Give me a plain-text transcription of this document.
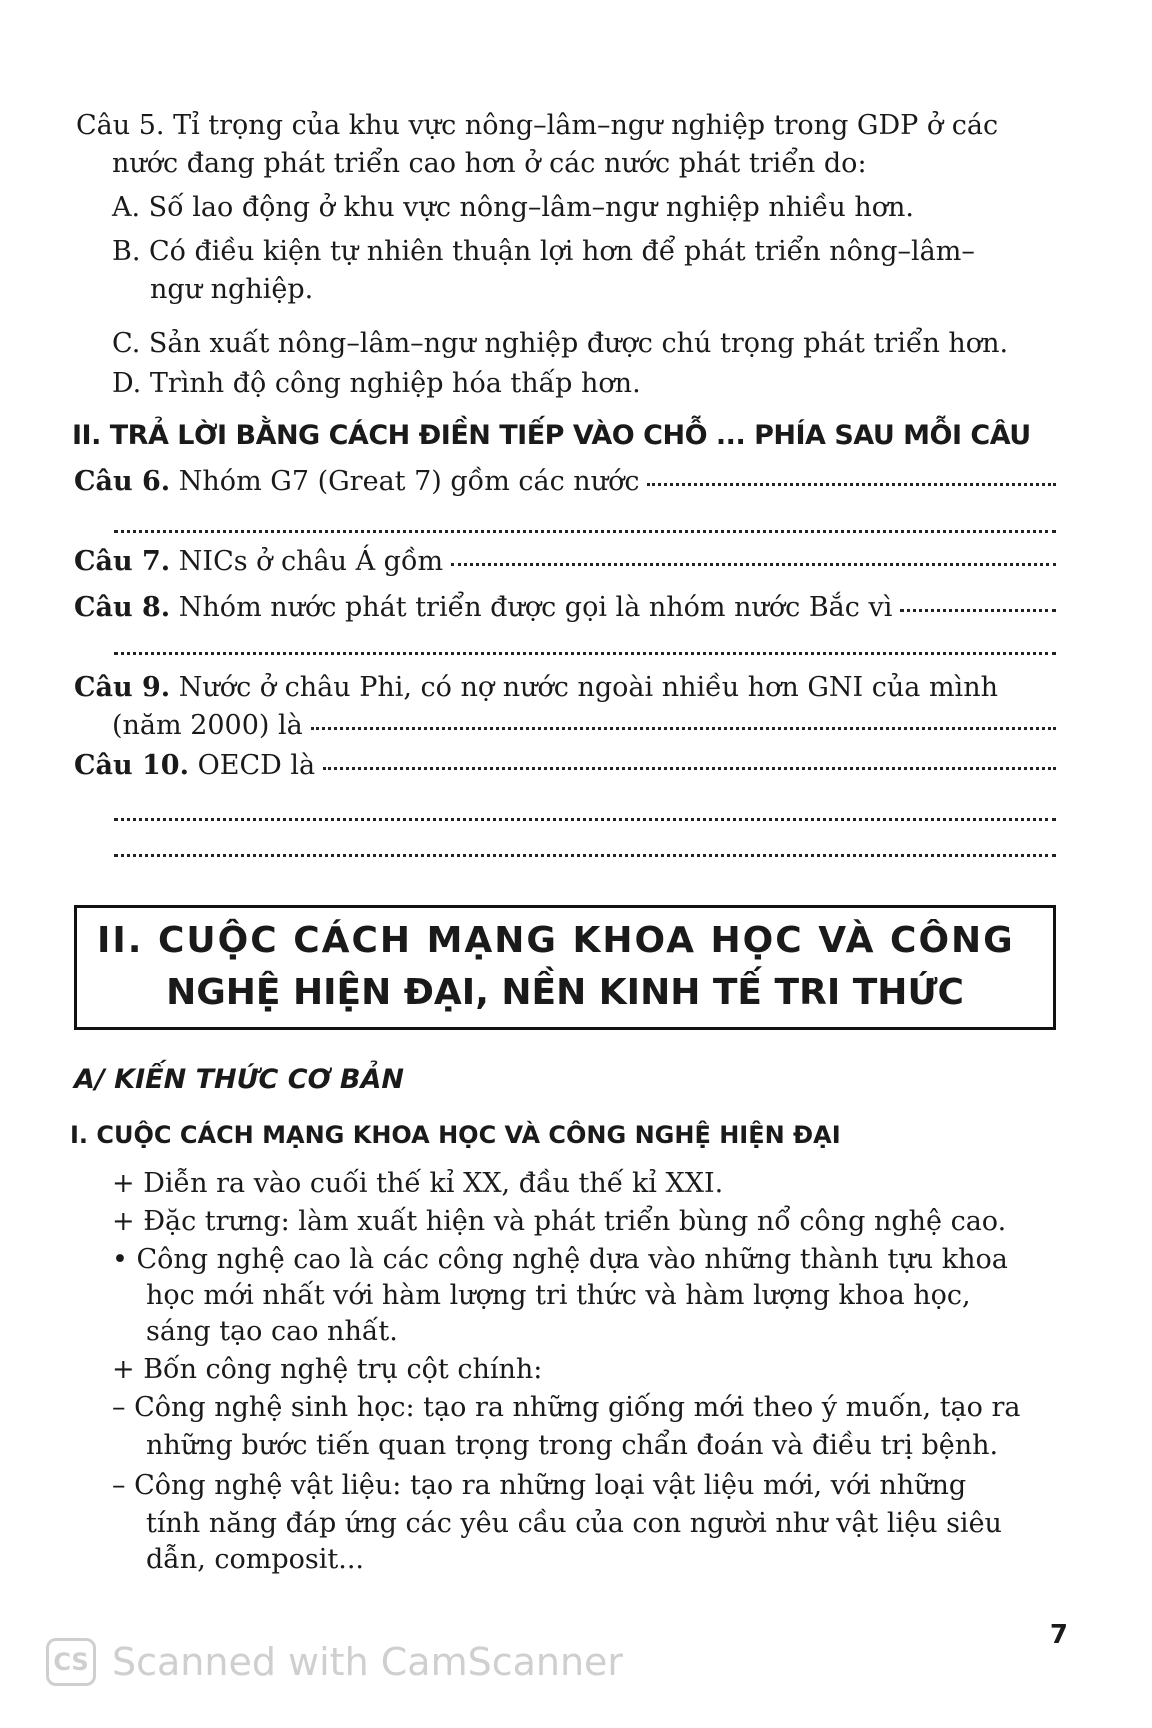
Câu 5. Tỉ trọng của khu vực nông–lâm–ngư nghiệp trong GDP ở các
nước đang phát triển cao hơn ở các nước phát triển do:
A. Số lao động ở khu vực nông–lâm–ngư nghiệp nhiều hơn.
B. Có điều kiện tự nhiên thuận lợi hơn để phát triển nông–lâm–
ngư nghiệp.
C. Sản xuất nông–lâm–ngư nghiệp được chú trọng phát triển hơn.
D. Trình độ công nghiệp hóa thấp hơn.
II. TRẢ LỜI BẰNG CÁCH ĐIỀN TIẾP VÀO CHỖ ... PHÍA SAU MỖI CÂU
Câu 6.
Nhóm G7 (Great 7) gồm các nước
Câu 7.
NICs ở châu Á gồm
Câu 8.
Nhóm nước phát triển được gọi là nhóm nước Bắc vì
Câu 9. Nước ở châu Phi, có nợ nước ngoài nhiều hơn GNI của mình
(năm 2000) là
Câu 10.
OECD là
II. CUỘC CÁCH MẠNG KHOA HỌC VÀ CÔNG
NGHỆ HIỆN ĐẠI, NỀN KINH TẾ TRI THỨC
A/ KIẾN THỨC CƠ BẢN
I. CUỘC CÁCH MẠNG KHOA HỌC VÀ CÔNG NGHỆ HIỆN ĐẠI
+ Diễn ra vào cuối thế kỉ XX, đầu thế kỉ XXI.
+ Đặc trưng: làm xuất hiện và phát triển bùng nổ công nghệ cao.
• Công nghệ cao là các công nghệ dựa vào những thành tựu khoa
học mới nhất với hàm lượng tri thức và hàm lượng khoa học,
sáng tạo cao nhất.
+ Bốn công nghệ trụ cột chính:
– Công nghệ sinh học: tạo ra những giống mới theo ý muốn, tạo ra
những bước tiến quan trọng trong chẩn đoán và điều trị bệnh.
– Công nghệ vật liệu: tạo ra những loại vật liệu mới, với những
tính năng đáp ứng các yêu cầu của con người như vật liệu siêu
dẫn, composit...
7
CS Scanned with CamScanner
